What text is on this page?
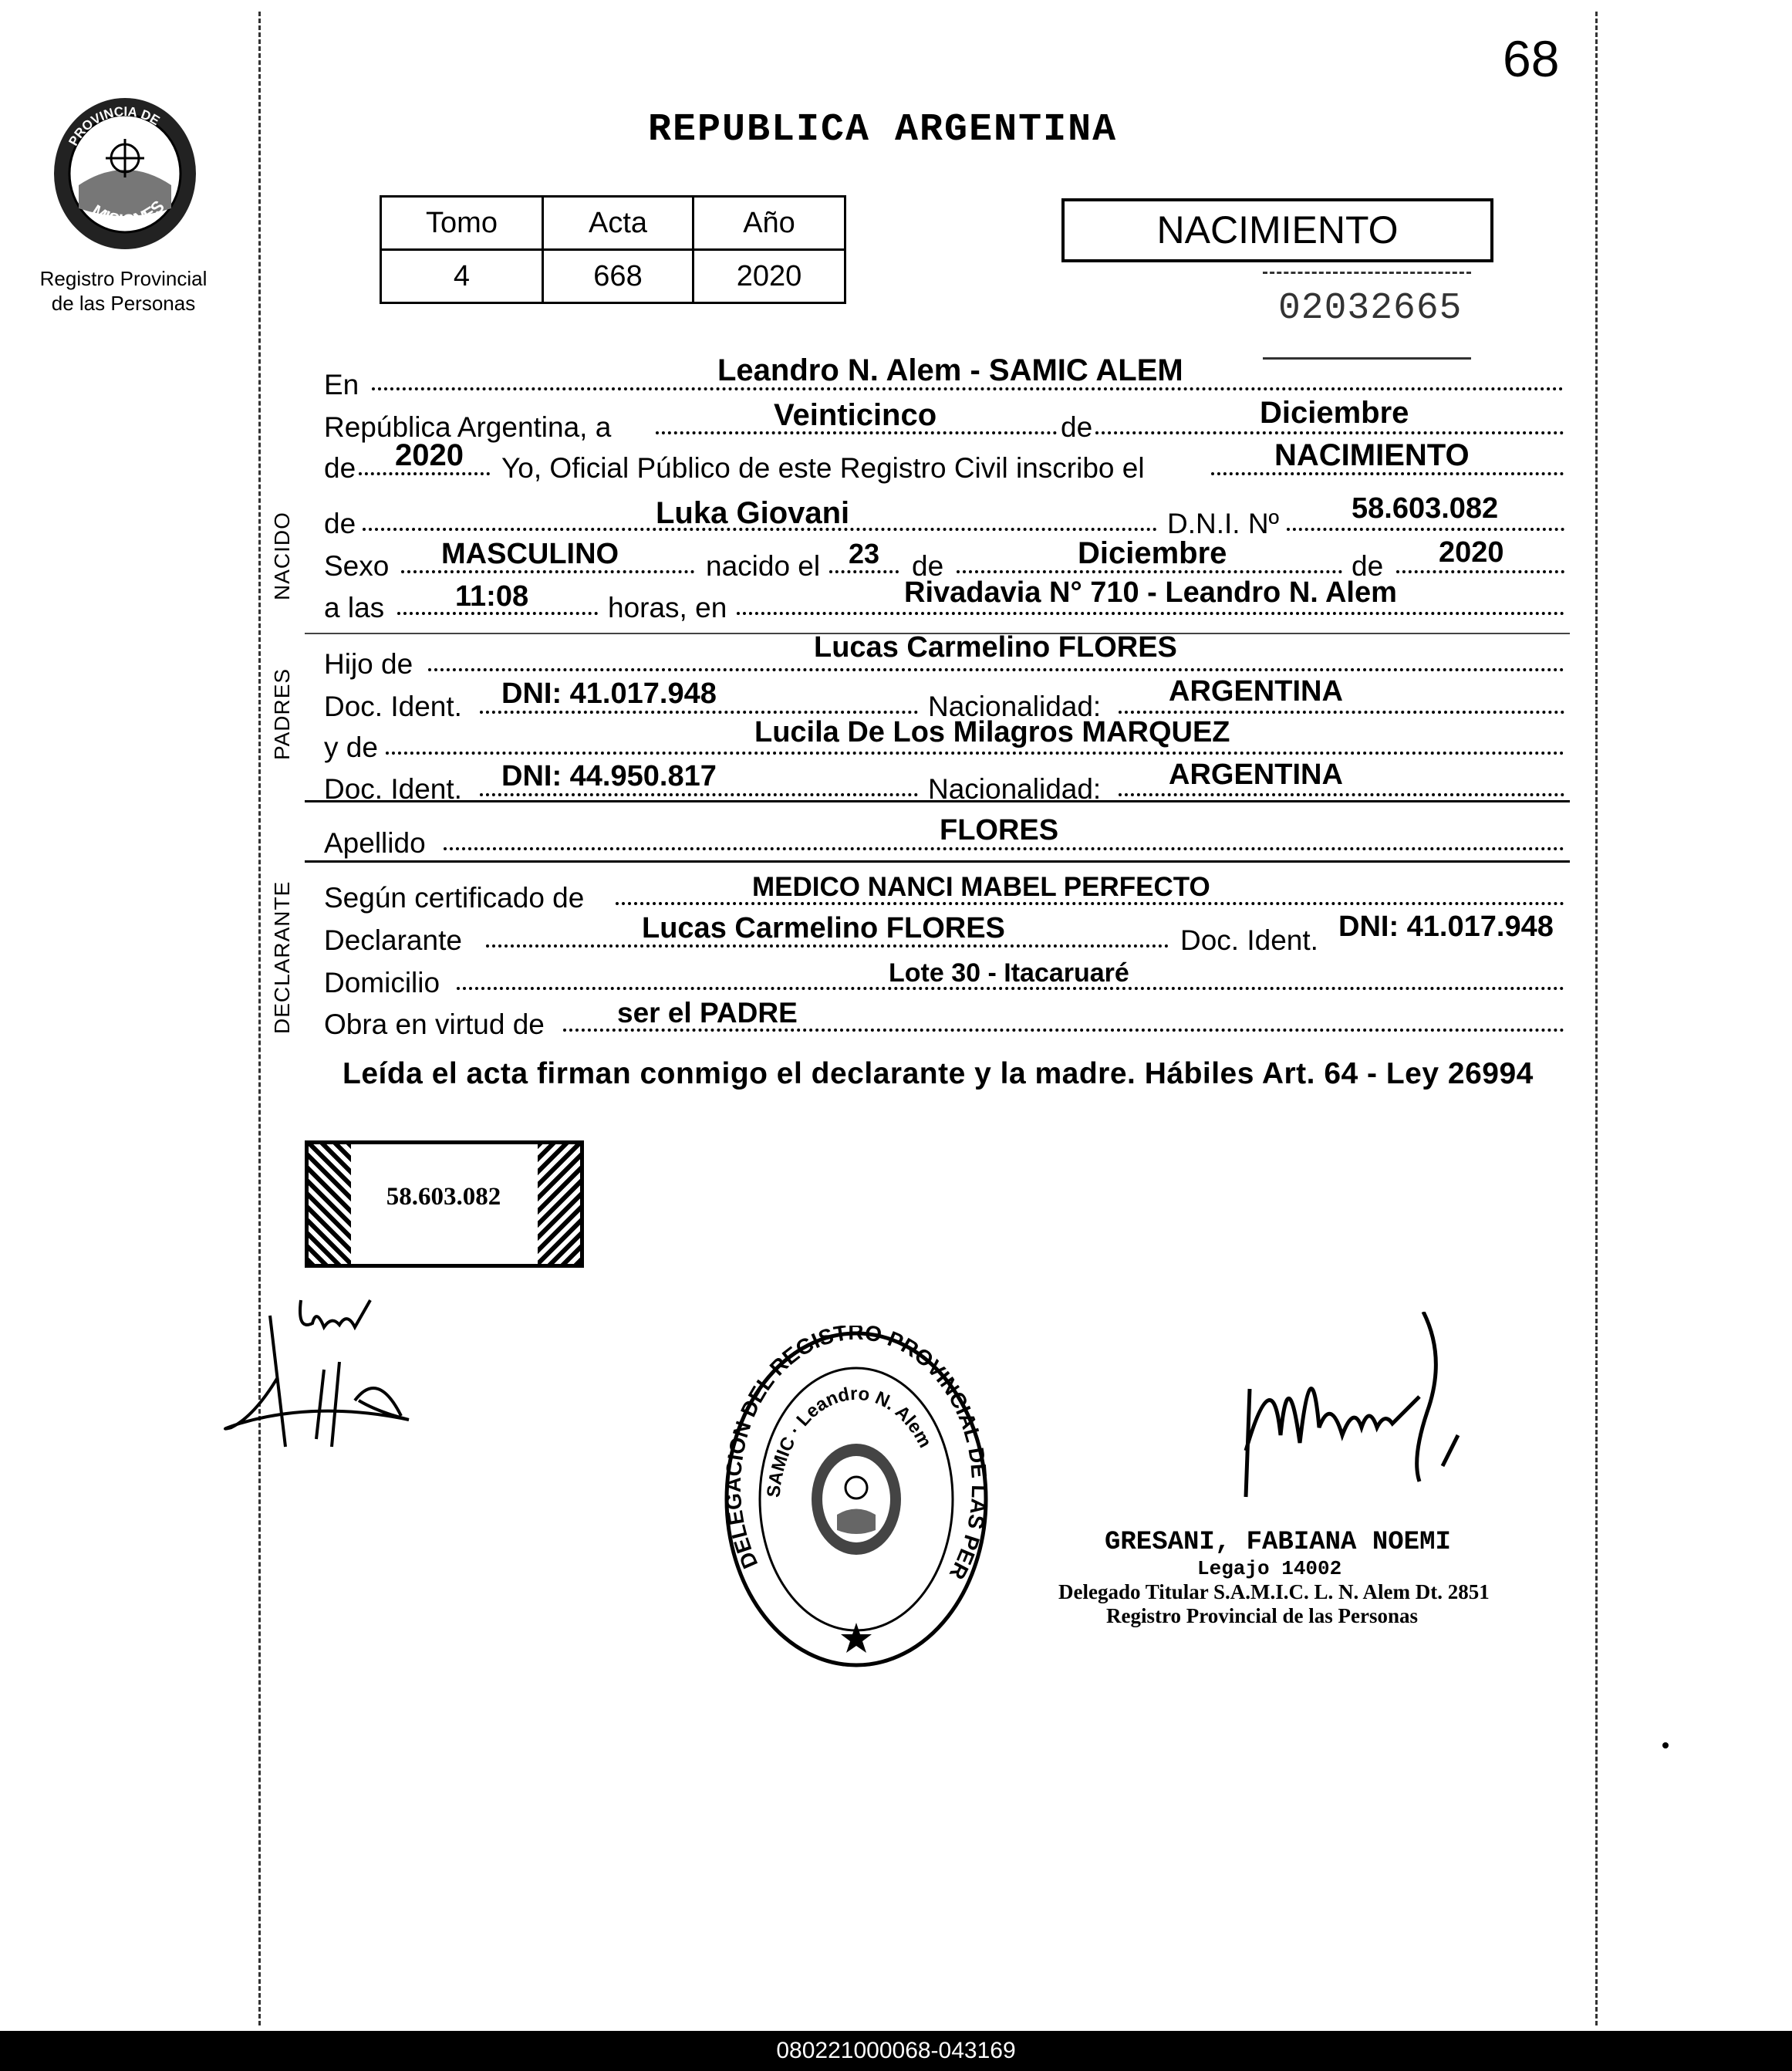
68
PROVINCIA DE
MISIONES
Registro Provincial
de las Personas
REPUBLICA ARGENTINA
Tomo	Acta	Año
4	668	2020
NACIMIENTO
02032665
En	Leandro N. Alem - SAMIC ALEM
República Argentina, a	Veinticinco	de	Diciembre
de 2020 Yo, Oficial Público de este Registro Civil inscribo el	NACIMIENTO
NACIDO de	Luka Giovani	D.N.I. Nº 58.603.082
Sexo MASCULINO	nacido el 23 de	Diciembre	de 2020
a las 11:08	horas, en	Rivadavia N° 710 - Leandro N. Alem
PADRES
Hijo de
Lucas Carmelino FLORES
Doc. Ident. DNI: 41.017.948	Nacionalidad: ARGENTINA
y de	Lucila De Los Milagros MARQUEZ
Doc. Ident. DNI: 44.950.817	Nacionalidad: ARGENTINA
Apellido	FLORES
DECLARANTE Según certificado de	MEDICO NANCI MABEL PERFECTO
Declarante	Lucas Carmelino FLORES	Doc. Ident. DNI: 41.017.948
Domicilio	Lote 30 - Itacaruaré
Obra en virtud de	ser el PADRE
Leída el acta firman conmigo el declarante y la madre. Hábiles Art. 64 - Ley 26994
58.603.082
DELEGACION DEL REGISTRO PROVINCIAL DE LAS PER
SAMIC · Leandro N. Alem
GRESANI, FABIANA NOEMI
Legajo 14002
Delegado Titular S.A.M.I.C. L. N. Alem Dt. 2851
Registro Provincial de las Personas
080221000068-043169
